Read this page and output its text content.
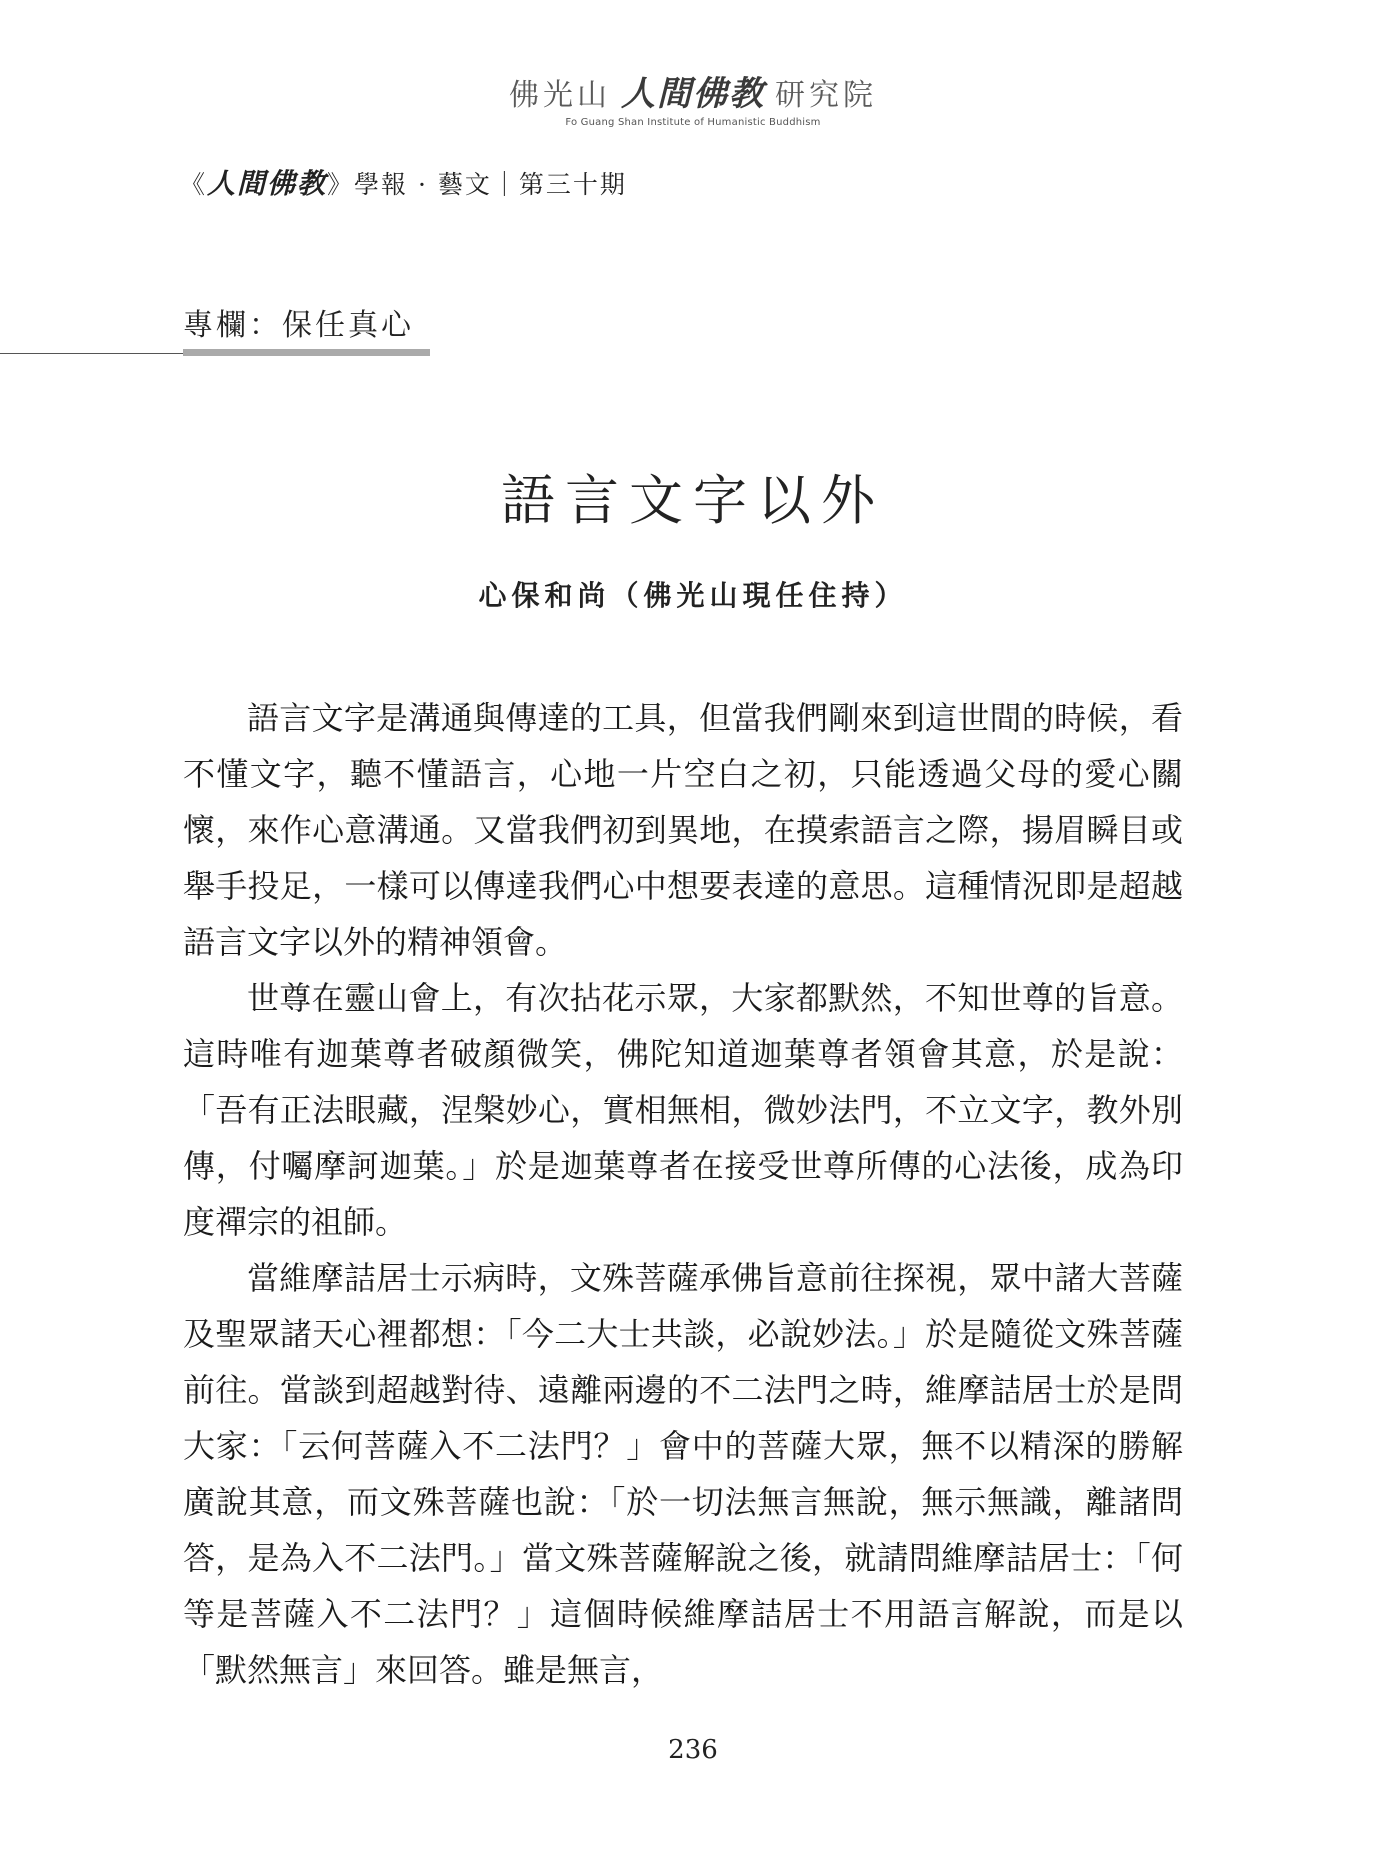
佛光山 人間佛教 研究院
Fo Guang Shan Institute of Humanistic Buddhism
《人間佛教》學報 · 藝文｜第三十期
專欄：保任真心
語言文字以外
心保和尚（佛光山現任住持）

語言文字是溝通與傳達的工具，但當我們剛來到這世間的時候，看不懂文字，聽不懂語言，心地一片空白之初，只能透過父母的愛心關懷，來作心意溝通。又當我們初到異地，在摸索語言之際，揚眉瞬目或舉手投足，一樣可以傳達我們心中想要表達的意思。這種情況即是超越語言文字以外的精神領會。

世尊在靈山會上，有次拈花示眾，大家都默然，不知世尊的旨意。這時唯有迦葉尊者破顏微笑，佛陀知道迦葉尊者領會其意，於是說：「吾有正法眼藏，涅槃妙心，實相無相，微妙法門，不立文字，教外別傳，付囑摩訶迦葉。」於是迦葉尊者在接受世尊所傳的心法後，成為印度禪宗的祖師。

當維摩詰居士示病時，文殊菩薩承佛旨意前往探視，眾中諸大菩薩及聖眾諸天心裡都想：「今二大士共談，必說妙法。」於是隨從文殊菩薩前往。當談到超越對待、遠離兩邊的不二法門之時，維摩詰居士於是問大家：「云何菩薩入不二法門？」會中的菩薩大眾，無不以精深的勝解廣說其意，而文殊菩薩也說：「於一切法無言無說，無示無識，離諸問答，是為入不二法門。」當文殊菩薩解說之後，就請問維摩詰居士：「何等是菩薩入不二法門？」這個時候維摩詰居士不用語言解說，而是以「默然無言」來回答。雖是無言，

236
